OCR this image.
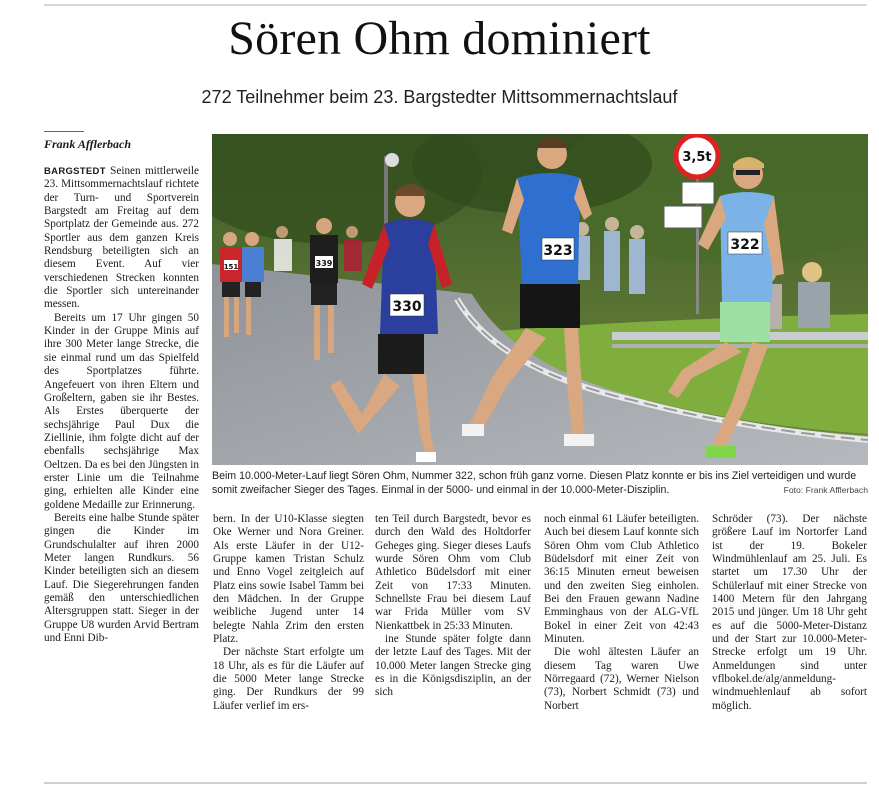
Sören Ohm dominiert
272 Teilnehmer beim 23. Bargstedter Mittsommernachtslauf
Frank Afflerbach

BARGSTEDT Seinen mittlerweile 23. Mittsommernachtslauf richtete der Turn- und Sportverein Bargstedt am Freitag auf dem Sportplatz der Gemeinde aus. 272 Sportler aus dem ganzen Kreis Rendsburg beteiligten sich an diesem Event. Auf vier verschiedenen Strecken konnten die Sportler sich untereinander messen.

Bereits um 17 Uhr gingen 50 Kinder in der Gruppe Minis auf ihre 300 Meter lange Strecke, die sie einmal rund um das Spielfeld des Sportplatzes führte. Angefeuert von ihren Eltern und Großeltern, gaben sie ihr Bestes. Als Erstes überquerte der sechsjährige Paul Dux die Ziellinie, ihm folgte dicht auf der ebenfalls sechsjährige Max Oeltzen. Da es bei den Jüngsten in erster Linie um die Teilnahme ging, erhielten alle Kinder eine goldene Medaille zur Erinnerung.

Bereits eine halbe Stunde später gingen die Kinder im Grundschulalter auf ihren 2000 Meter langen Rundkurs. 56 Kinder beteiligten sich an diesem Lauf. Die Siegerehrungen fanden gemäß den unterschiedlichen Altersgruppen statt. Sieger in der Gruppe U8 wurden Arvid Bertram und Enni Dib-

3,5t
151	339
330
323	322
Beim 10.000-Meter-Lauf liegt Sören Ohm, Nummer 322, schon früh ganz vorne. Diesen Platz konnte er bis ins Ziel verteidigen und wurde somit zweifacher Sieger des Tages. Einmal in der 5000- und einmal in der 10.000-Meter-Disziplin.	Foto: Frank Afflerbach

bern. In der U10-Klasse siegten Oke Werner und Nora Greiner. Als erste Läufer in der U12-Gruppe kamen Tristan Schulz und Enno Vogel zeitgleich auf Platz eins sowie Isabel Tamm bei den Mädchen. In der Gruppe weibliche Jugend unter 14 belegte Nahla Zrim den ersten Platz.

Der nächste Start erfolgte um 18 Uhr, als es für die Läufer auf die 5000 Meter lange Strecke ging. Der Rundkurs der 99 Läufer verlief im ers-

ten Teil durch Bargstedt, bevor es durch den Wald des Holtdorfer Geheges ging. Sieger dieses Laufs wurde Sören Ohm vom Club Athletico Büdelsdorf mit einer Zeit von 17:33 Minuten. Schnellste Frau bei diesem Lauf war Frida Müller vom SV Nienkattbek in 25:33 Minuten.

ine Stunde später folgte dann der letzte Lauf des Tages. Mit der 10.000 Meter langen Strecke ging es in die Königsdisziplin, an der sich

noch einmal 61 Läufer beteiligten. Auch bei diesem Lauf konnte sich Sören Ohm vom Club Athletico Büdelsdorf mit einer Zeit von 36:15 Minuten erneut beweisen und den zweiten Sieg einholen. Bei den Frauen gewann Nadine Emminghaus von der ALG-VfL Bokel in einer Zeit von 42:43 Minuten.

Die wohl ältesten Läufer an diesem Tag waren Uwe Nörregaard (72), Werner Nielson (73), Norbert Schmidt (73) und Norbert

Schröder (73). Der nächste größere Lauf im Nortorfer Land ist der 19. Bokeler Windmühlenlauf am 25. Juli. Es startet um 17.30 Uhr der Schülerlauf mit einer Strecke von 1400 Metern für den Jahrgang 2015 und jünger. Um 18 Uhr geht es auf die 5000-Meter-Distanz und der Start zur 10.000-Meter-Strecke erfolgt um 19 Uhr. Anmeldungen sind unter vflbokel.de/alg/anmeldung-windmuehlenlauf ab sofort möglich.
